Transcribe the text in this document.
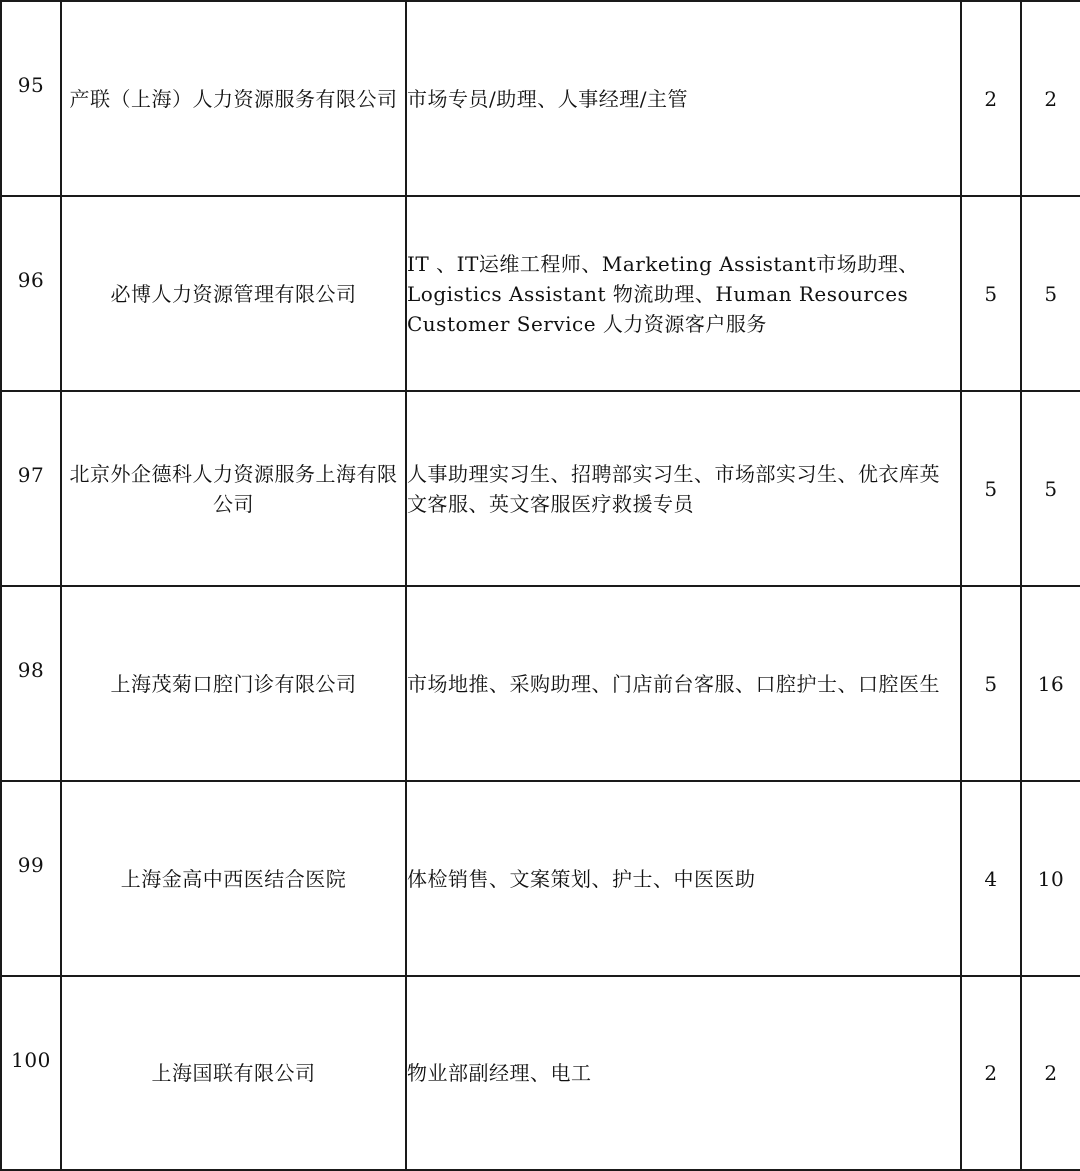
95	产联（上海）人力资源服务有限公司	市场专员/助理、人事经理/主管	2	2

96	必博人力资源管理有限公司	IT 、IT运维工程师、Marketing Assistant市场助理、Logistics Assistant 物流助理、Human Resources Customer Service 人力资源客户服务	5	5

97	北京外企德科人力资源服务上海有限公司	人事助理实习生、招聘部实习生、市场部实习生、优衣库英文客服、英文客服医疗救援专员	5	5

98	上海茂菊口腔门诊有限公司	市场地推、采购助理、门店前台客服、口腔护士、口腔医生	5	16

99	上海金高中西医结合医院	体检销售、文案策划、护士、中医医助	4	10

100	上海国联有限公司	物业部副经理、电工	2	2
